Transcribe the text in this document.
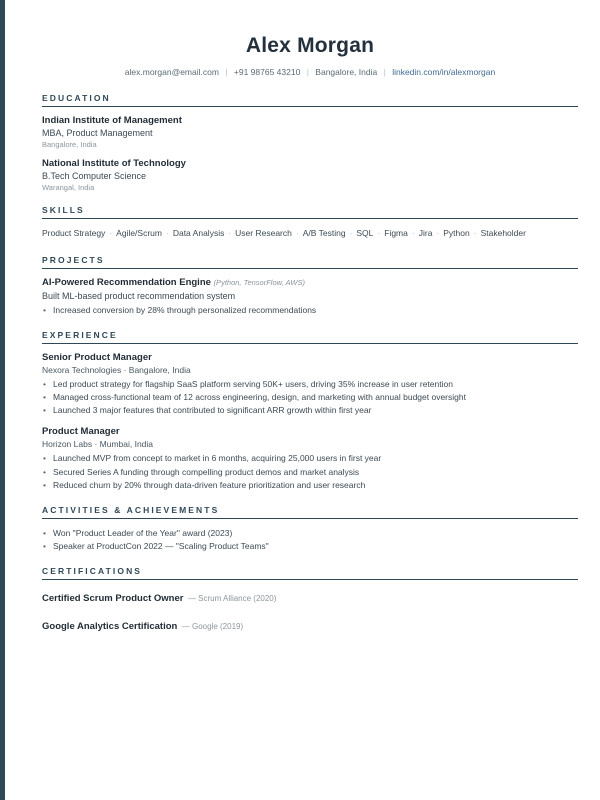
Alex Morgan
alex.morgan@email.com | +91 98765 43210 | Bangalore, India | linkedin.com/in/alexmorgan
EDUCATION
Indian Institute of Management
MBA, Product Management
Bangalore, India
National Institute of Technology
B.Tech Computer Science
Warangal, India
SKILLS
Product Strategy · Agile/Scrum · Data Analysis · User Research · A/B Testing · SQL · Figma · Jira · Python · Stakeholder
PROJECTS
AI-Powered Recommendation Engine (Python, TensorFlow, AWS)
Built ML-based product recommendation system
• Increased conversion by 28% through personalized recommendations
EXPERIENCE
Senior Product Manager
Nexora Technologies · Bangalore, India
• Led product strategy for flagship SaaS platform serving 50K+ users, driving 35% increase in user retention
• Managed cross-functional team of 12 across engineering, design, and marketing with annual budget oversight
• Launched 3 major features that contributed to significant ARR growth within first year
Product Manager
Horizon Labs · Mumbai, India
• Launched MVP from concept to market in 6 months, acquiring 25,000 users in first year
• Secured Series A funding through compelling product demos and market analysis
• Reduced churn by 20% through data-driven feature prioritization and user research
ACTIVITIES & ACHIEVEMENTS
• Won "Product Leader of the Year" award (2023)
• Speaker at ProductCon 2022 — "Scaling Product Teams"
CERTIFICATIONS
Certified Scrum Product Owner — Scrum Alliance (2020)
Google Analytics Certification — Google (2019)
